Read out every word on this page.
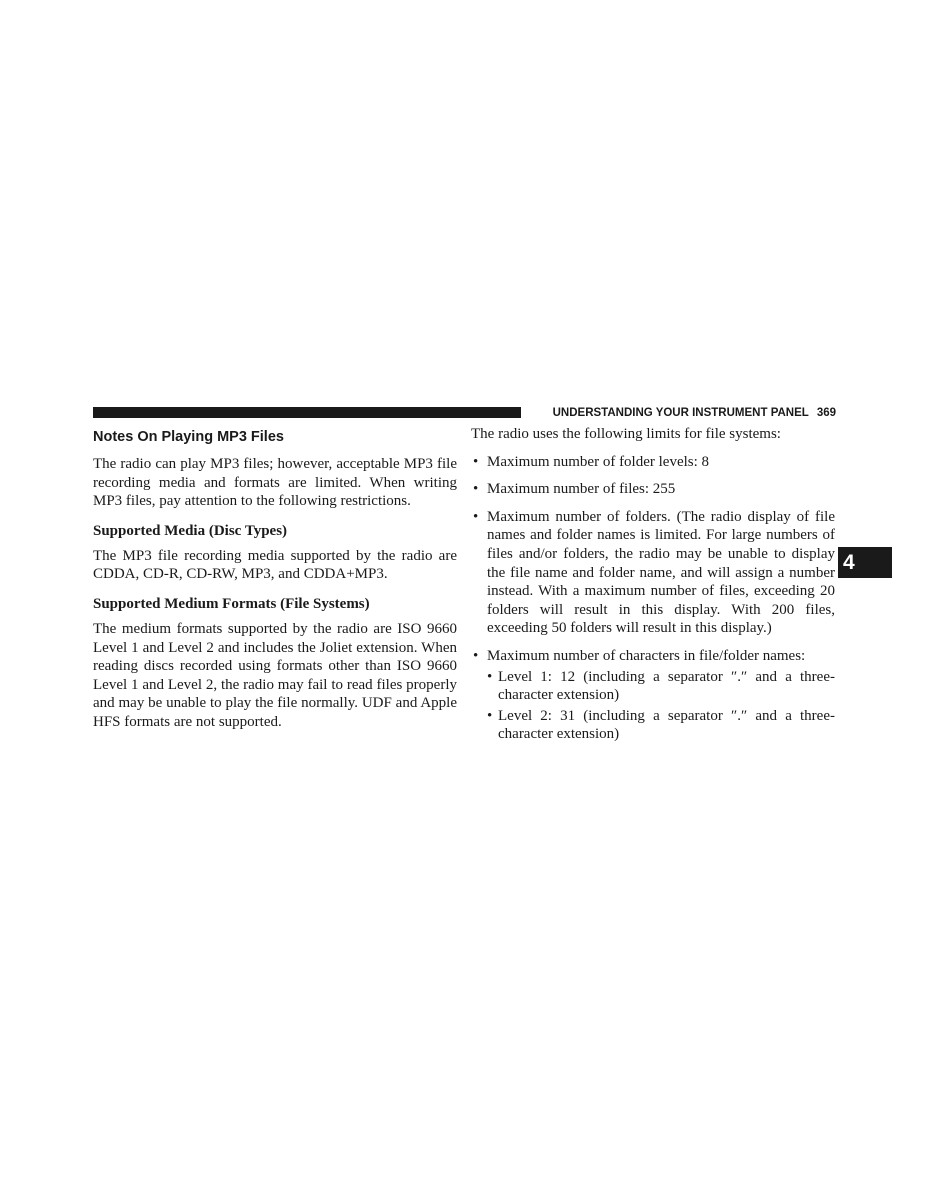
UNDERSTANDING YOUR INSTRUMENT PANEL 369
4
Notes On Playing MP3 Files

The radio can play MP3 files; however, acceptable MP3 file recording media and formats are limited. When writing MP3 files, pay attention to the following restrictions.

Supported Media (Disc Types)

The MP3 file recording media supported by the radio are CDDA, CD-R, CD-RW, MP3, and CDDA+MP3.

Supported Medium Formats (File Systems)

The medium formats supported by the radio are ISO 9660 Level 1 and Level 2 and includes the Joliet extension. When reading discs recorded using formats other than ISO 9660 Level 1 and Level 2, the radio may fail to read files properly and may be unable to play the file normally. UDF and Apple HFS formats are not supported.

The radio uses the following limits for file systems:

• Maximum number of folder levels: 8
• Maximum number of files: 255
• Maximum number of folders. (The radio display of file names and folder names is limited. For large numbers of files and/or folders, the radio may be unable to display the file name and folder name, and will assign a number instead. With a maximum number of files, exceeding 20 folders will result in this display. With 200 files, exceeding 50 folders will result in this display.)
• Maximum number of characters in file/folder names:
• Level 1: 12 (including a separator ″.″ and a three-character extension)
• Level 2: 31 (including a separator ″.″ and a three-character extension)
